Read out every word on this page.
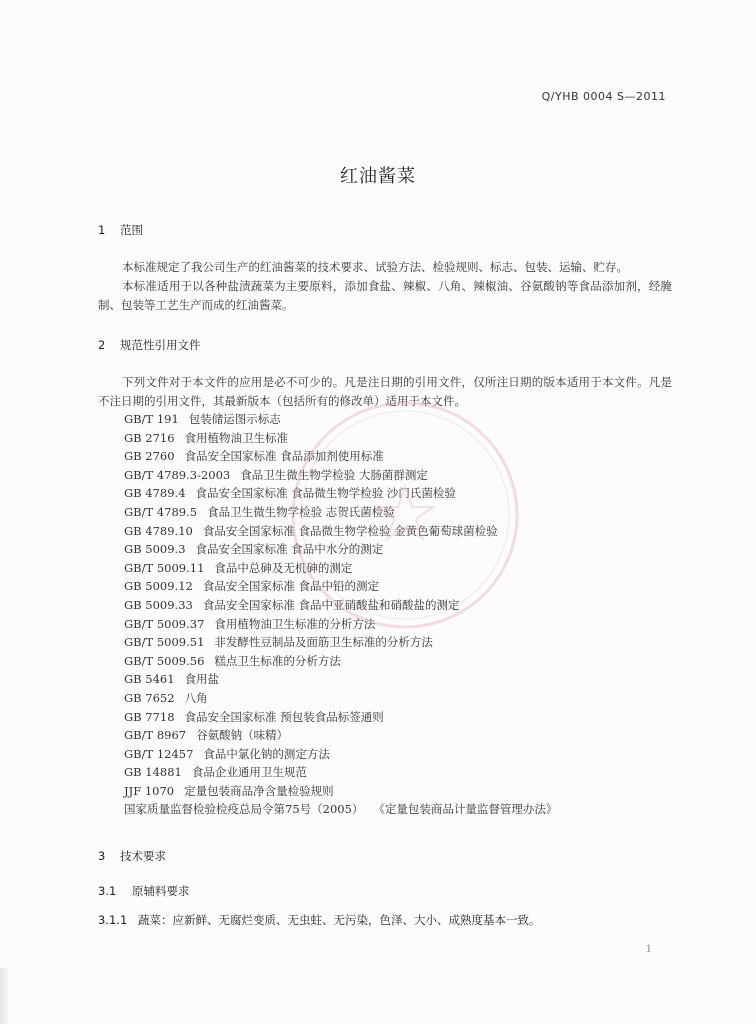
Q/YHB 0004 S—2011
红油酱菜
1 范围
本标准规定了我公司生产的红油酱菜的技术要求、试验方法、检验规则、标志、包装、运输、贮存。
本标准适用于以各种盐渍蔬菜为主要原料，添加食盐、辣椒、八角、辣椒油、谷氨酸钠等食品添加剂，经腌制、包装等工艺生产而成的红油酱菜。
2 规范性引用文件
下列文件对于本文件的应用是必不可少的。凡是注日期的引用文件，仅所注日期的版本适用于本文件。凡是不注日期的引用文件，其最新版本（包括所有的修改单）适用于本文件。
GB/T 191 包装储运图示标志
GB 2716 食用植物油卫生标准
GB 2760 食品安全国家标准 食品添加剂使用标准
GB/T 4789.3-2003 食品卫生微生物学检验 大肠菌群测定
GB 4789.4 食品安全国家标准 食品微生物学检验 沙门氏菌检验
GB/T 4789.5 食品卫生微生物学检验 志贺氏菌检验
GB 4789.10 食品安全国家标准 食品微生物学检验 金黄色葡萄球菌检验
GB 5009.3 食品安全国家标准 食品中水分的测定
GB/T 5009.11 食品中总砷及无机砷的测定
GB 5009.12 食品安全国家标准 食品中铅的测定
GB 5009.33 食品安全国家标准 食品中亚硝酸盐和硝酸盐的测定
GB/T 5009.37 食用植物油卫生标准的分析方法
GB/T 5009.51 非发酵性豆制品及面筋卫生标准的分析方法
GB/T 5009.56 糕点卫生标准的分析方法
GB 5461 食用盐
GB 7652 八角
GB 7718 食品安全国家标准 预包装食品标签通则
GB/T 8967 谷氨酸钠（味精）
GB/T 12457 食品中氯化钠的测定方法
GB 14881 食品企业通用卫生规范
JJF 1070 定量包装商品净含量检验规则
国家质量监督检验检疫总局令第75号（2005） 《定量包装商品计量监督管理办法》
3 技术要求
3.1 原辅料要求
3.1.1 蔬菜：应新鲜、无腐烂变质、无虫蛀、无污染，色泽、大小、成熟度基本一致。
1
